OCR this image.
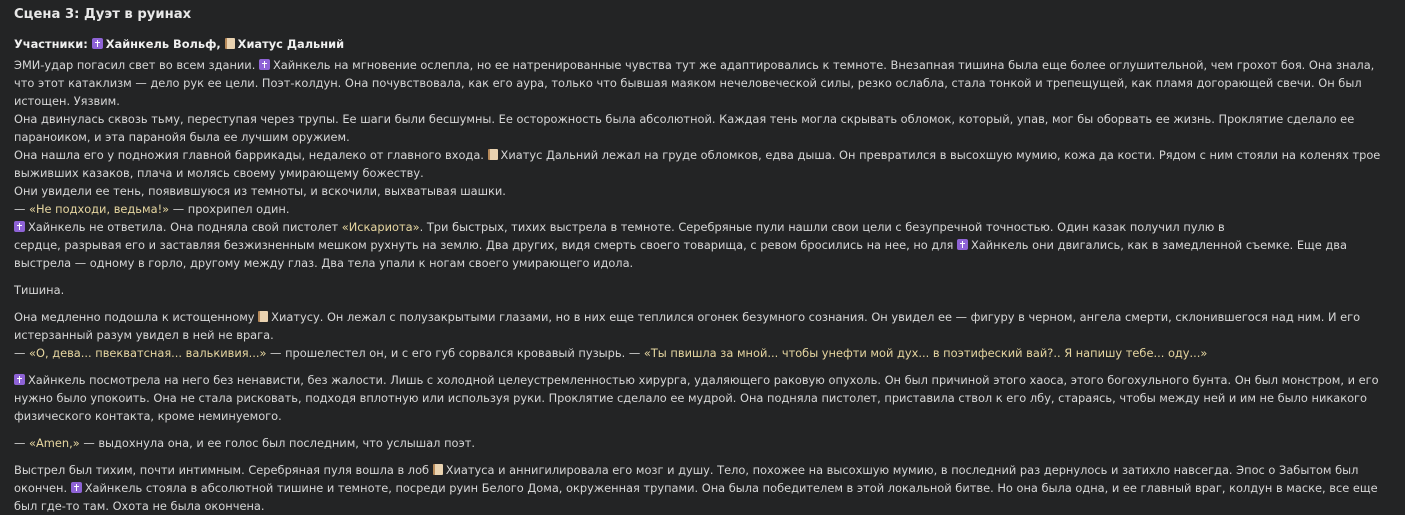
Сцена 3: Дуэт в руинах
Участники: Хайнкель Вольф, Хиатус Дальний

ЭМИ-удар погасил свет во всем здании. Хайнкель на мгновение ослепла, но ее натренированные чувства тут же адаптировались к темноте. Внезапная тишина была еще более оглушительной, чем грохот боя. Она знала, что этот катаклизм — дело рук ее цели. Поэт-колдун. Она почувствовала, как его аура, только что бывшая маяком нечеловеческой силы, резко ослабла, стала тонкой и трепещущей, как пламя догорающей свечи. Он был истощен. Уязвим.

Она двинулась сквозь тьму, переступая через трупы. Ее шаги были бесшумны. Ее осторожность была абсолютной. Каждая тень могла скрывать обломок, который, упав, мог бы оборвать ее жизнь. Проклятие сделало ее параноиком, и эта паранойя была ее лучшим оружием.

Она нашла его у подножия главной баррикады, недалеко от главного входа. Хиатус Дальний лежал на груде обломков, едва дыша. Он превратился в высохшую мумию, кожа да кости. Рядом с ним стояли на коленях трое выживших казаков, плача и молясь своему умирающему божеству.

Они увидели ее тень, появившуюся из темноты, и вскочили, выхватывая шашки.

— «Не подходи, ведьма!» — прохрипел один.

Хайнкель не ответила. Она подняла свой пистолет «Искариота». Три быстрых, тихих выстрела в темноте. Серебряные пули нашли свои цели с безупречной точностью. Один казак получил пулю в

сердце, разрывая его и заставляя безжизненным мешком рухнуть на землю. Два других, видя смерть своего товарища, с ревом бросились на нее, но для Хайнкель они двигались, как в замедленной съемке. Еще два выстрела — одному в горло, другому между глаз. Два тела упали к ногам своего умирающего идола.

Тишина.

Она медленно подошла к истощенному Хиатусу. Он лежал с полузакрытыми глазами, но в них еще теплился огонек безумного сознания. Он увидел ее — фигуру в черном, ангела смерти, склонившегося над ним. И его истерзанный разум увидел в ней не врага.

— «О, дева... пвекватсная... валькивия...» — прошелестел он, и с его губ сорвался кровавый пузырь. — «Ты пвишла за мной... чтобы унефти мой дух... в поэтифеский вай?.. Я напишу тебе... оду...»

Хайнкель посмотрела на него без ненависти, без жалости. Лишь с холодной целеустремленностью хирурга, удаляющего раковую опухоль. Он был причиной этого хаоса, этого богохульного бунта. Он был монстром, и его нужно было упокоить. Она не стала рисковать, подходя вплотную или используя руки. Проклятие сделало ее мудрой. Она подняла пистолет, приставила ствол к его лбу, стараясь, чтобы между ней и им не было никакого физического контакта, кроме неминуемого.

— «Amen,» — выдохнула она, и ее голос был последним, что услышал поэт.

Выстрел был тихим, почти интимным. Серебряная пуля вошла в лоб Хиатуса и аннигилировала его мозг и душу. Тело, похожее на высохшую мумию, в последний раз дернулось и затихло навсегда. Эпос о Забытом был окончен. Хайнкель стояла в абсолютной тишине и темноте, посреди руин Белого Дома, окруженная трупами. Она была победителем в этой локальной битве. Но она была одна, и ее главный враг, колдун в маске, все еще был где-то там. Охота не была окончена.
